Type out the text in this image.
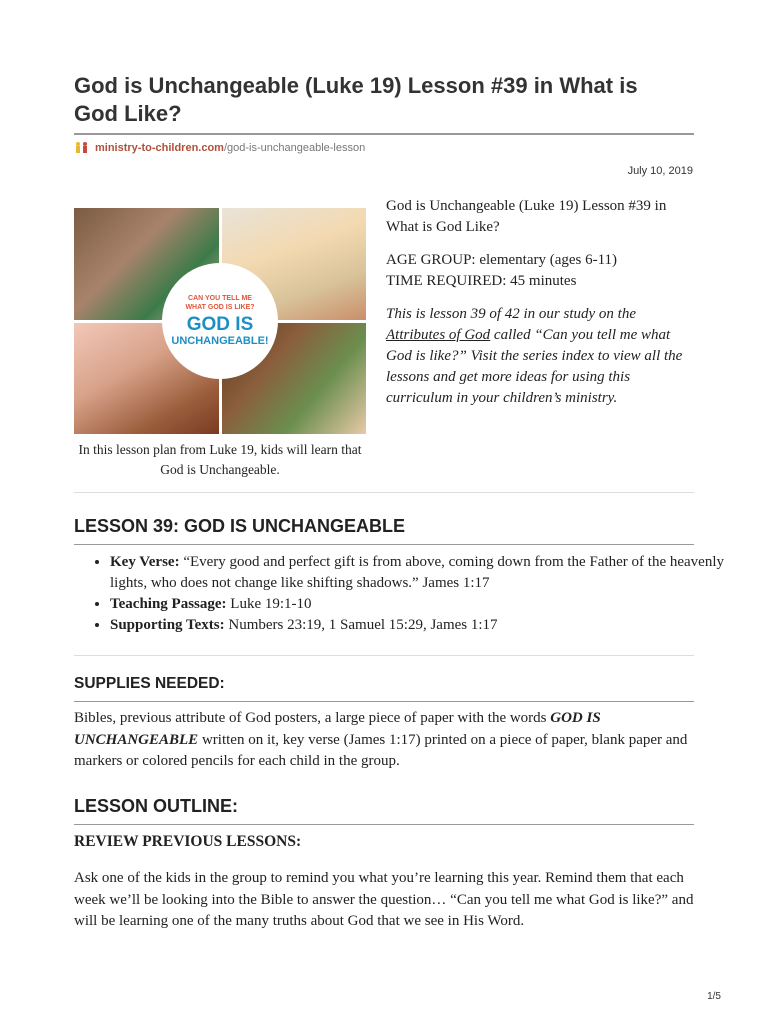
God is Unchangeable (Luke 19) Lesson #39 in What is God Like?
ministry-to-children.com /god-is-unchangeable-lesson
July 10, 2019
CAN YOU TELL ME WHAT GOD IS LIKE?
GOD IS
UNCHANGEABLE!
In this lesson plan from Luke 19, kids will learn that God is Unchangeable.

God is Unchangeable (Luke 19) Lesson #39 in What is God Like?

AGE GROUP: elementary (ages 6-11)
TIME REQUIRED: 45 minutes

This is lesson 39 of 42 in our study on the Attributes of God called “Can you tell me what God is like?” Visit the series index to view all the lessons and get more ideas for using this curriculum in your children’s ministry.

LESSON 39: GOD IS UNCHANGEABLE
• Key Verse: “Every good and perfect gift is from above, coming down from the Father of the heavenly lights, who does not change like shifting shadows.” James 1:17
• Teaching Passage: Luke 19:1-10
• Supporting Texts: Numbers 23:19, 1 Samuel 15:29, James 1:17
SUPPLIES NEEDED:

Bibles, previous attribute of God posters, a large piece of paper with the words GOD IS UNCHANGEABLE written on it, key verse (James 1:17) printed on a piece of paper, blank paper and markers or colored pencils for each child in the group.

LESSON OUTLINE:
REVIEW PREVIOUS LESSONS:

Ask one of the kids in the group to remind you what you’re learning this year. Remind them that each week we’ll be looking into the Bible to answer the question… “Can you tell me what God is like?” and will be learning one of the many truths about God that we see in His Word.

1/5
